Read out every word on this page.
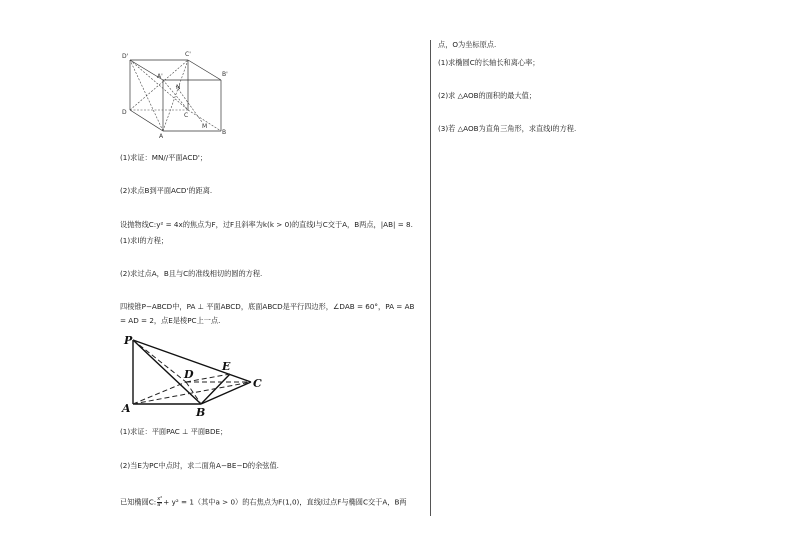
D'	C'
A'	B'
N
D	C
M
A
B
(1)求证：MN//平面ACD'；
(2)求点B到平面ACD'的距离.
设抛物线C:y² = 4x的焦点为F，过F且斜率为k(k > 0)的直线l与C交于A，B两点，|AB| = 8.
(1)求l的方程；
(2)求过点A，B且与C的准线相切的圆的方程.
四棱锥P−ABCD中，PA ⊥ 平面ABCD，底面ABCD是平行四边形，∠DAB = 60°，PA = AB
= AD = 2，点E是棱PC上一点.
P
E
D
C
A	B
(1)求证：平面PAC ⊥ 平面BDE；
(2)当E为PC中点时，求二面角A−BE−D的余弦值.
已知椭圆C: $\frac{\text{x²}}{\text{a²}} + y^2 = 1$（其中a > 0）的右焦点为F(1,0)，直线l过点F与椭圆C交于A，B两
点，O为坐标原点.
(1)求椭圆C的长轴长和离心率；
(2)求 △AOB的面积的最大值；
(3)若 △AOB为直角三角形，求直线l的方程.
